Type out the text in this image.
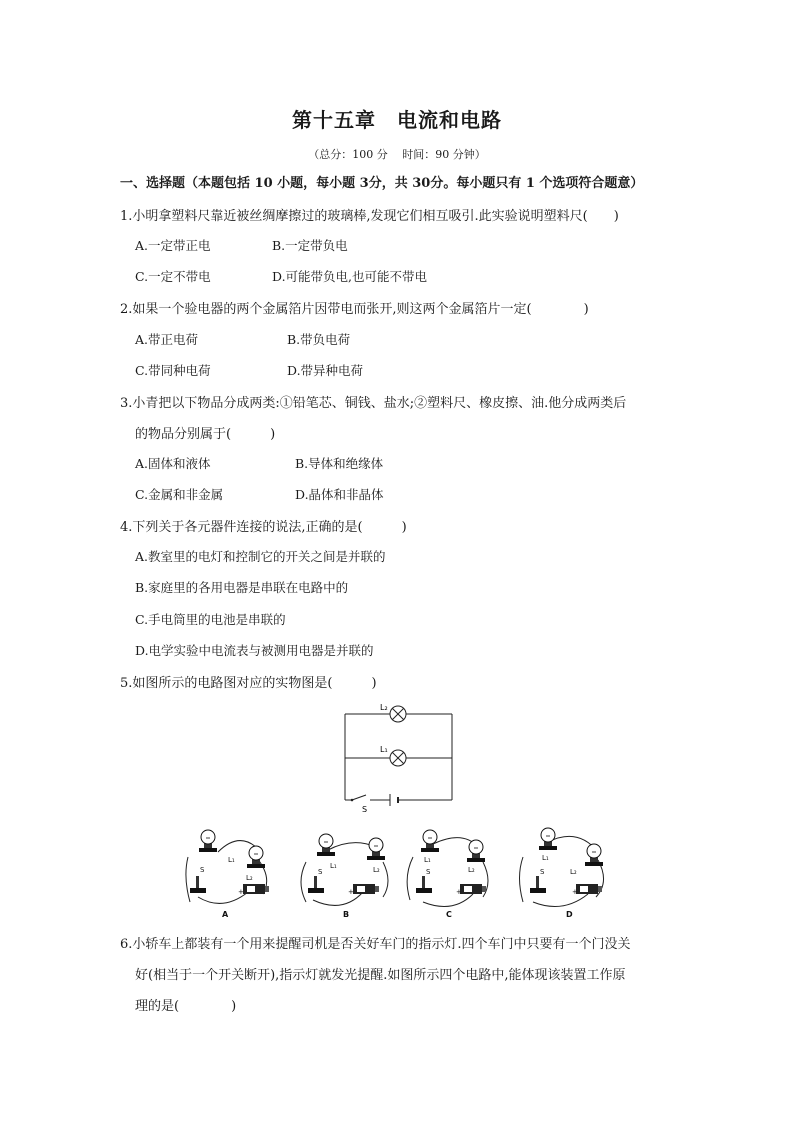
第十五章　电流和电路
（总分：100 分　 时间：90 分钟）
一、选择题（本题包括 10 小题，每小题 3分，共 30分。每小题只有 1 个选项符合题意）
1.小明拿塑料尺靠近被丝绸摩擦过的玻璃棒,发现它们相互吸引.此实验说明塑料尺(　　)
A.一定带正电	B.一定带负电
C.一定不带电	D.可能带负电,也可能不带电
2.如果一个验电器的两个金属箔片因带电而张开,则这两个金属箔片一定(　　　　)
A.带正电荷	B.带负电荷
C.带同种电荷	D.带异种电荷
3.小青把以下物品分成两类:①铅笔芯、铜钱、盐水;②塑料尺、橡皮擦、油.他分成两类后
的物品分别属于(　　　)
A.固体和液体	B.导体和绝缘体
C.金属和非金属	D.晶体和非晶体
4.下列关于各元器件连接的说法,正确的是(　　　)
A.教室里的电灯和控制它的开关之间是并联的
B.家庭里的各用电器是串联在电路中的
C.手电筒里的电池是串联的
D.电学实验中电流表与被测用电器是并联的
5.如图所示的电路图对应的实物图是(　　　)
L₂
L₁
S
S
L₁
L₂
+
S
L₁	L₂
+
S
L₁
L₂
+
S
L₁
L₂
+
A	B	C	D
6.小轿车上都装有一个用来提醒司机是否关好车门的指示灯.四个车门中只要有一个门没关
好(相当于一个开关断开),指示灯就发光提醒.如图所示四个电路中,能体现该装置工作原
理的是(　　　　)
